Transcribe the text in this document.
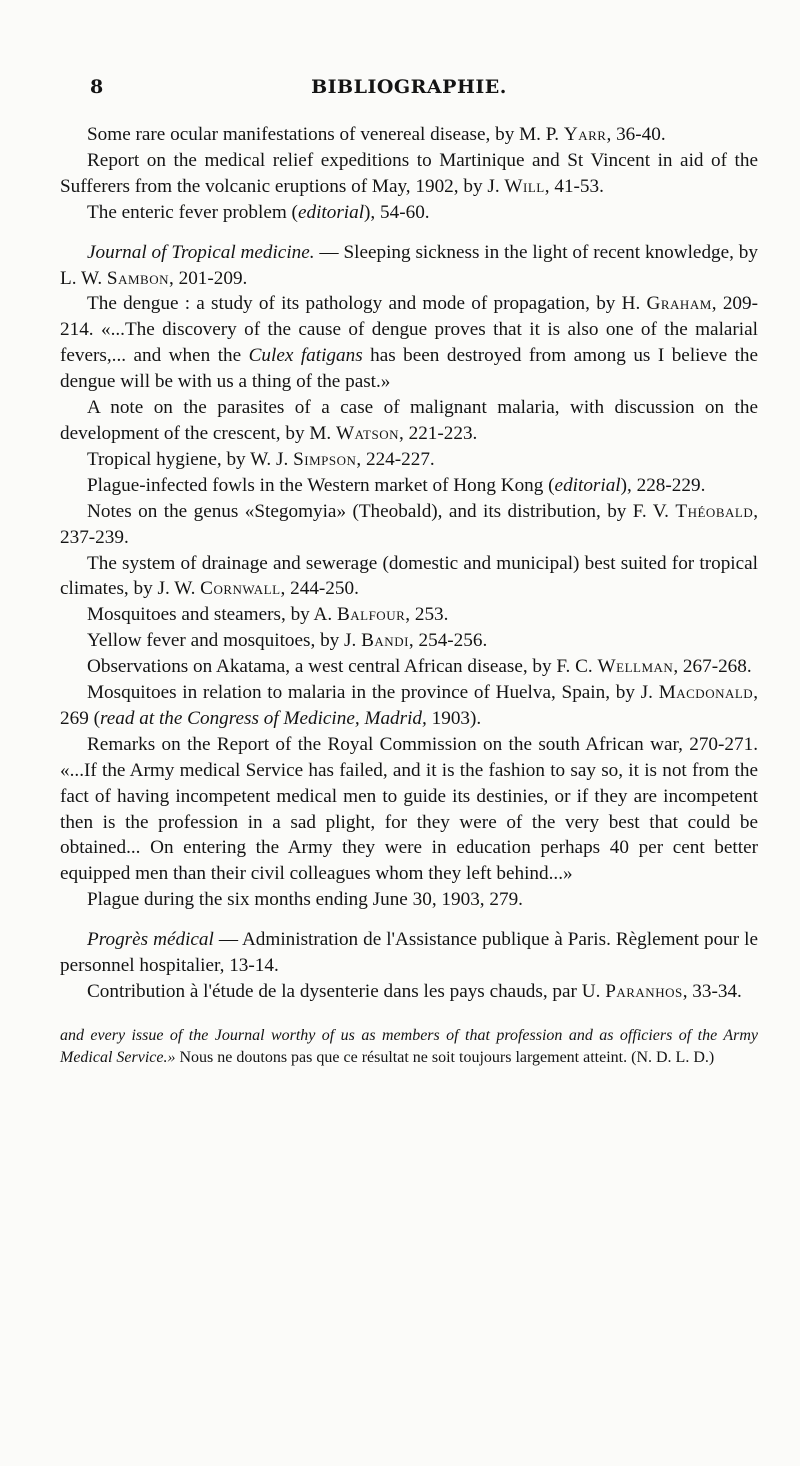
8	BIBLIOGRAPHIE.

Some rare ocular manifestations of venereal disease, by M. P. Yarr, 36-40.

Report on the medical relief expeditions to Martinique and St Vincent in aid of the Sufferers from the volcanic eruptions of May, 1902, by J. Will, 41-53.

The enteric fever problem (editorial), 54-60.

Journal of Tropical medicine. — Sleeping sickness in the light of recent knowledge, by L. W. Sambon, 201-209.

The dengue : a study of its pathology and mode of propagation, by H. Graham, 209-214. «...The discovery of the cause of dengue proves that it is also one of the malarial fevers,... and when the Culex fatigans has been destroyed from among us I believe the dengue will be with us a thing of the past.»

A note on the parasites of a case of malignant malaria, with discussion on the development of the crescent, by M. Watson, 221-223.

Tropical hygiene, by W. J. Simpson, 224-227.

Plague-infected fowls in the Western market of Hong Kong (editorial), 228-229.

Notes on the genus «Stegomyia» (Theobald), and its distribution, by F. V. Théobald, 237-239.

The system of drainage and sewerage (domestic and municipal) best suited for tropical climates, by J. W. Cornwall, 244-250.

Mosquitoes and steamers, by A. Balfour, 253.

Yellow fever and mosquitoes, by J. Bandi, 254-256.

Observations on Akatama, a west central African disease, by F. C. Wellman, 267-268.

Mosquitoes in relation to malaria in the province of Huelva, Spain, by J. Macdonald, 269 (read at the Congress of Medicine, Madrid, 1903).

Remarks on the Report of the Royal Commission on the south African war, 270-271. «...If the Army medical Service has failed, and it is the fashion to say so, it is not from the fact of having incompetent medical men to guide its destinies, or if they are incompetent then is the profession in a sad plight, for they were of the very best that could be obtained... On entering the Army they were in education perhaps 40 per cent better equipped men than their civil colleagues whom they left behind...»

Plague during the six months ending June 30, 1903, 279.

Progrès médical — Administration de l'Assistance publique à Paris. Règlement pour le personnel hospitalier, 13-14.

Contribution à l'étude de la dysenterie dans les pays chauds, par U. Paranhos, 33-34.

and every issue of the Journal worthy of us as members of that profession and as officiers of the Army Medical Service.» Nous ne doutons pas que ce résultat ne soit toujours largement atteint. (N. D. L. D.)
